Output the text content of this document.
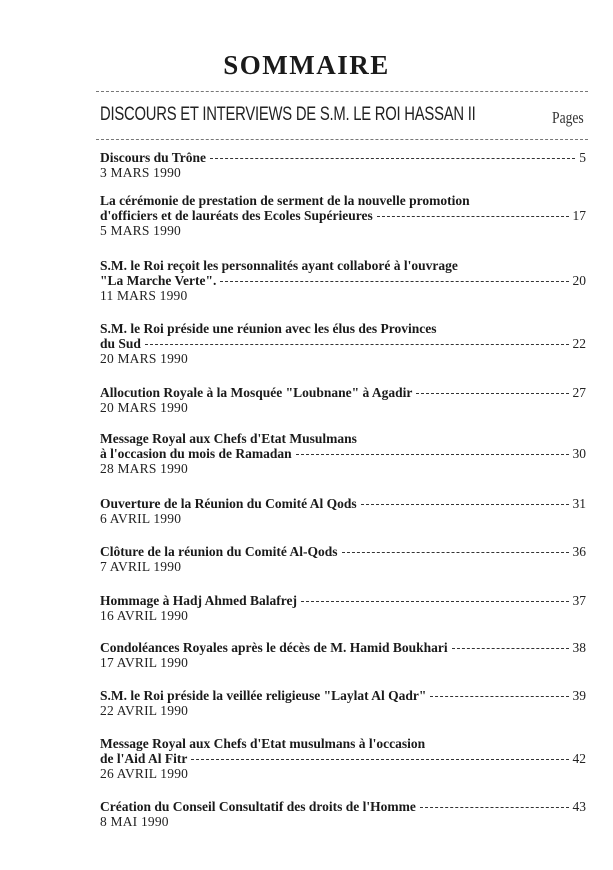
SOMMAIRE
DISCOURS ET INTERVIEWS DE S.M. LE ROI HASSAN II	Pages
Discours du Trône	5
3 MARS 1990
La cérémonie de prestation de serment de la nouvelle promotion
d'officiers et de lauréats des Ecoles Supérieures	17
5 MARS 1990
S.M. le Roi reçoit les personnalités ayant collaboré à l'ouvrage
"La Marche Verte".	20
11 MARS 1990
S.M. le Roi préside une réunion avec les élus des Provinces
du Sud	22
20 MARS 1990
Allocution Royale à la Mosquée "Loubnane" à Agadir	27
20 MARS 1990
Message Royal aux Chefs d'Etat Musulmans
à l'occasion du mois de Ramadan	30
28 MARS 1990
Ouverture de la Réunion du Comité Al Qods	31
6 AVRIL 1990
Clôture de la réunion du Comité Al-Qods	36
7 AVRIL 1990
Hommage à Hadj Ahmed Balafrej	37
16 AVRIL 1990
Condoléances Royales après le décès de M. Hamid Boukhari	38
17 AVRIL 1990
S.M. le Roi préside la veillée religieuse "Laylat Al Qadr"	39
22 AVRIL 1990
Message Royal aux Chefs d'Etat musulmans à l'occasion
de l'Aid Al Fitr	42
26 AVRIL 1990
Création du Conseil Consultatif des droits de l'Homme	43
8 MAI 1990
